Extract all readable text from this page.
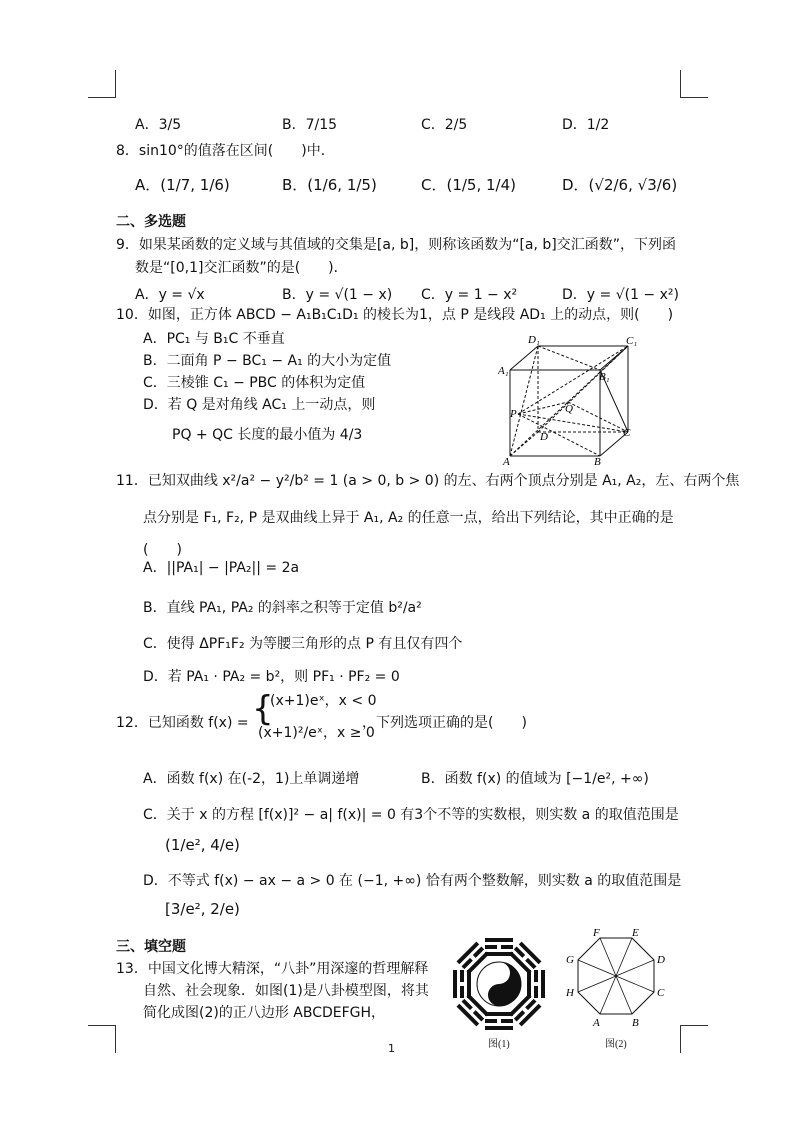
A．3/5	B．7/15	C．2/5	D．1/2
8．sin10°的值落在区间(　　)中．
A．(1/7, 1/6)	B．(1/6, 1/5)	C．(1/5, 1/4)	D．(√2/6, √3/6)
二、多选题
9．如果某函数的定义域与其值域的交集是[a, b]，则称该函数为“[a, b]交汇函数”，下列函
数是“[0,1]交汇函数”的是(　　)．
A．y = √x	B．y = √(1 − x) C．y = 1 − x²	D．y = √(1 − x²)
10．如图，正方体 ABCD − A₁B₁C₁D₁ 的棱长为1，点 P 是线段 AD₁ 上的动点，则(　　)
A．PC₁ 与 B₁C 不垂直
B．二面角 P − BC₁ − A₁ 的大小为定值
C．三棱锥 C₁ − PBC 的体积为定值
D．若 Q 是对角线 AC₁ 上一动点，则
PQ + QC 长度的最小值为 4/3
D₁	C₁
A₁	B₁
P	Q
D	C
A	B
11．已知双曲线 x²/a² − y²/b² = 1 (a > 0, b > 0) 的左、右两个顶点分别是 A₁, A₂，左、右两个焦
点分别是 F₁, F₂, P 是双曲线上异于 A₁, A₂ 的任意一点，给出下列结论，其中正确的是
(　　)
A．||PA₁| − |PA₂|| = 2a
B．直线 PA₁, PA₂ 的斜率之积等于定值 b²/a²
C．使得 ΔPF₁F₂ 为等腰三角形的点 P 有且仅有四个
D．若 PA₁ · PA₂ = b²，则 PF₁ · PF₂ = 0
12．已知函数 f(x) = {
(x+1)eˣ，x < 0
(x+1)²/eˣ，x ≥ 0
，下列选项正确的是(　　)
A．函数 f(x) 在(-2，1)上单调递增	B．函数 f(x) 的值域为 [−1/e², +∞)
C．关于 x 的方程 [f(x)]² − a| f(x)| = 0 有3个不等的实数根，则实数 a 的取值范围是
(1/e², 4/e)
D．不等式 f(x) − ax − a > 0 在 (−1, +∞) 恰有两个整数解，则实数 a 的取值范围是
[3/e², 2/e)
三、填空题
13．中国文化博大精深，“八卦”用深邃的哲理解释
自然、社会现象．如图(1)是八卦模型图，将其
简化成图(2)的正八边形 ABCDEFGH，
图(1)
F	E
G	D
H	C
A	B
图(2)
1
